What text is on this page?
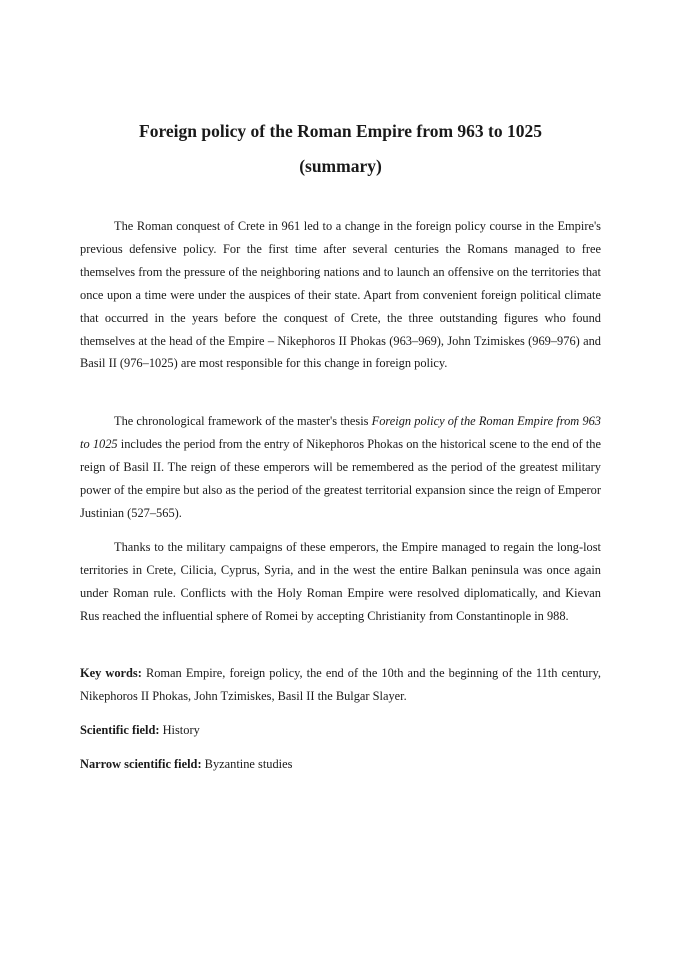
Foreign policy of the Roman Empire from 963 to 1025
(summary)

The Roman conquest of Crete in 961 led to a change in the foreign policy course in the Empire's previous defensive policy. For the first time after several centuries the Romans managed to free themselves from the pressure of the neighboring nations and to launch an offensive on the territories that once upon a time were under the auspices of their state. Apart from convenient foreign political climate that occurred in the years before the conquest of Crete, the three outstanding figures who found themselves at the head of the Empire – Nikephoros II Phokas (963–969), John Tzimiskes (969–976) and Basil II (976–1025) are most responsible for this change in foreign policy.

The chronological framework of the master's thesis Foreign policy of the Roman Empire from 963 to 1025 includes the period from the entry of Nikephoros Phokas on the historical scene to the end of the reign of Basil II. The reign of these emperors will be remembered as the period of the greatest military power of the empire but also as the period of the greatest territorial expansion since the reign of Emperor Justinian (527–565).

Thanks to the military campaigns of these emperors, the Empire managed to regain the long-lost territories in Crete, Cilicia, Cyprus, Syria, and in the west the entire Balkan peninsula was once again under Roman rule. Conflicts with the Holy Roman Empire were resolved diplomatically, and Kievan Rus reached the influential sphere of Romei by accepting Christianity from Constantinople in 988.

Key words: Roman Empire, foreign policy, the end of the 10th and the beginning of the 11th century, Nikephoros II Phokas, John Tzimiskes, Basil II the Bulgar Slayer.

Scientific field: History

Narrow scientific field: Byzantine studies
